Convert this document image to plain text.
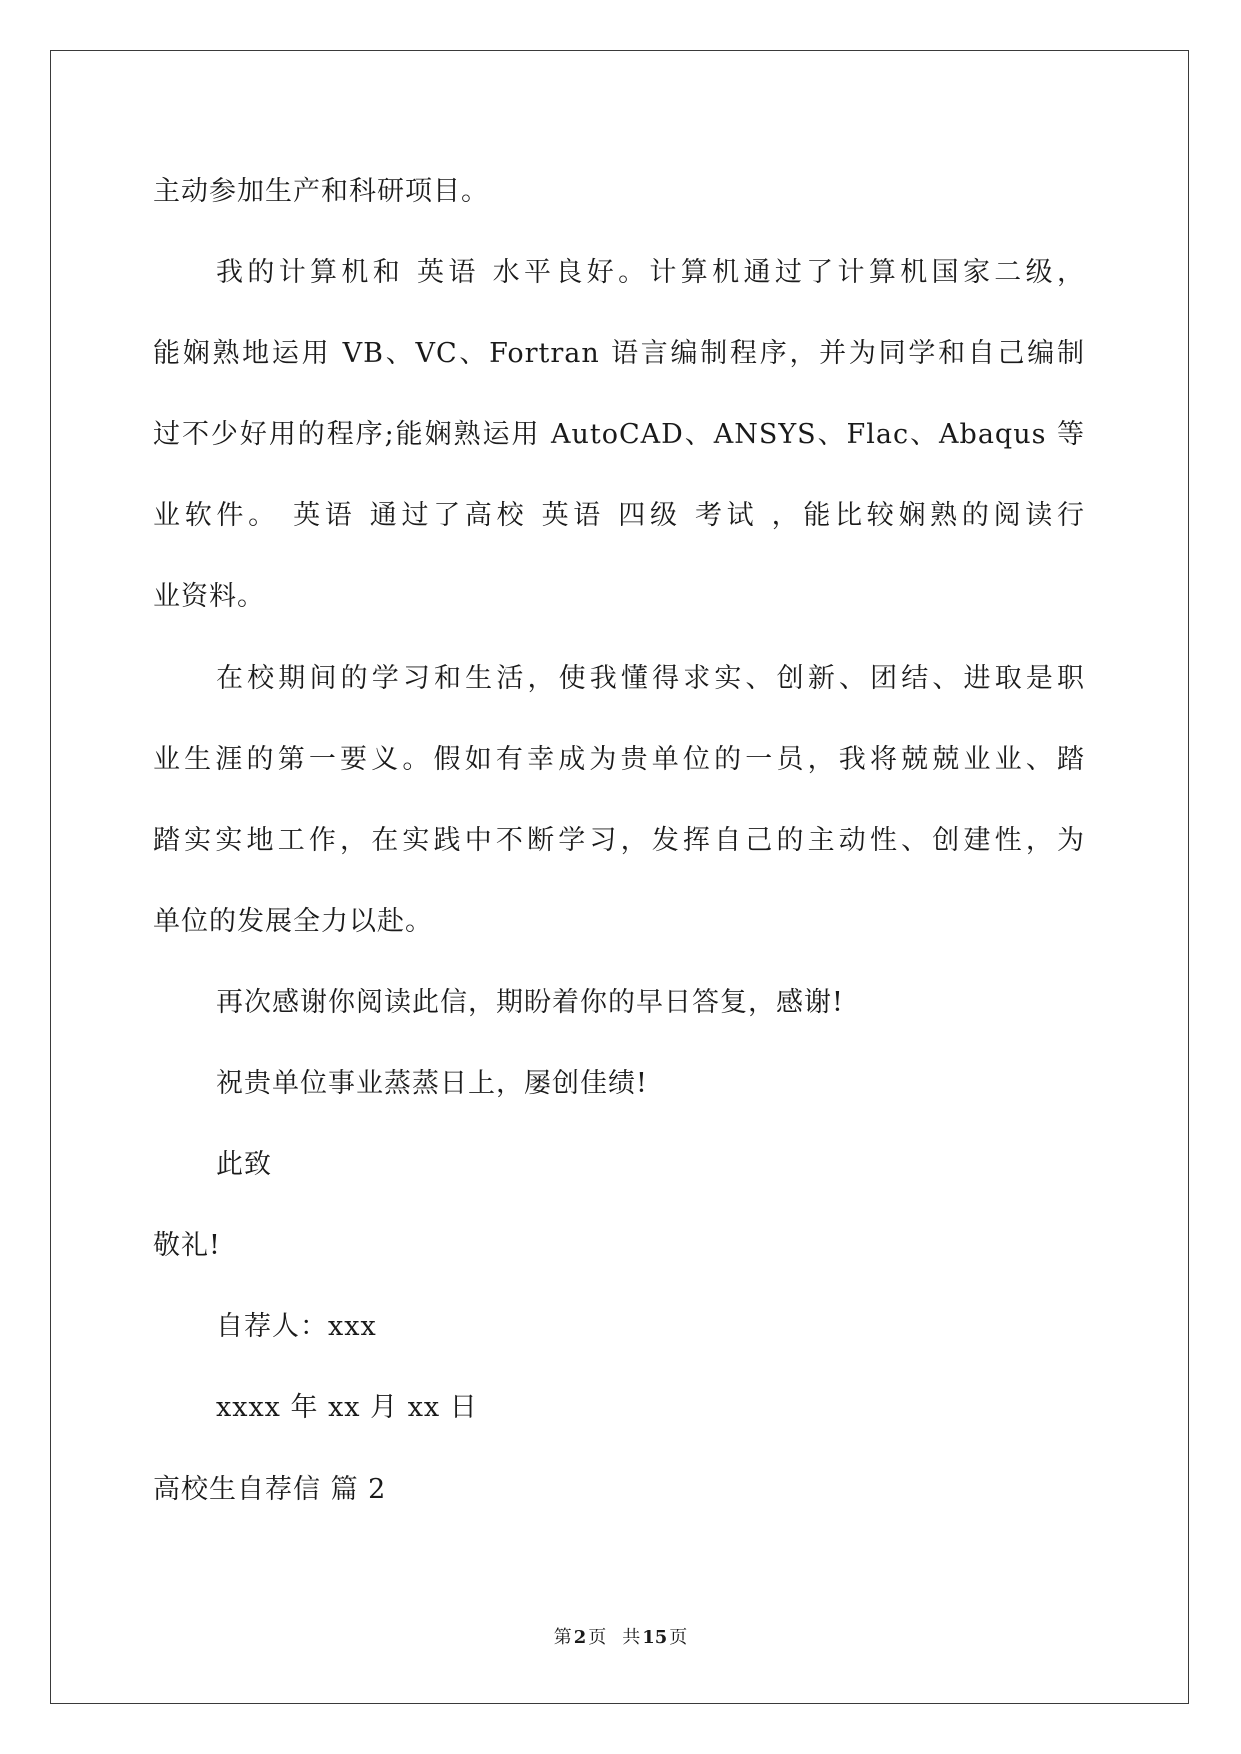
主动参加生产和科研项目。
我的计算机和 英语 水平良好。计算机通过了计算机国家二级，
能娴熟地运用 VB、VC、Fortran 语言编制程序，并为同学和自己编制
过不少好用的程序;能娴熟运用 AutoCAD、ANSYS、Flac、Abaqus 等
业软件。 英语 通过了高校 英语 四级 考试 ，能比较娴熟的阅读行
业资料。
在校期间的学习和生活，使我懂得求实、创新、团结、进取是职
业生涯的第一要义。假如有幸成为贵单位的一员，我将兢兢业业、踏
踏实实地工作，在实践中不断学习，发挥自己的主动性、创建性，为
单位的发展全力以赴。
再次感谢你阅读此信，期盼着你的早日答复，感谢!
祝贵单位事业蒸蒸日上，屡创佳绩!
此致
敬礼!
自荐人：xxx
xxxx 年 xx 月 xx 日
高校生自荐信 篇 2
第 2 页 共 15 页
